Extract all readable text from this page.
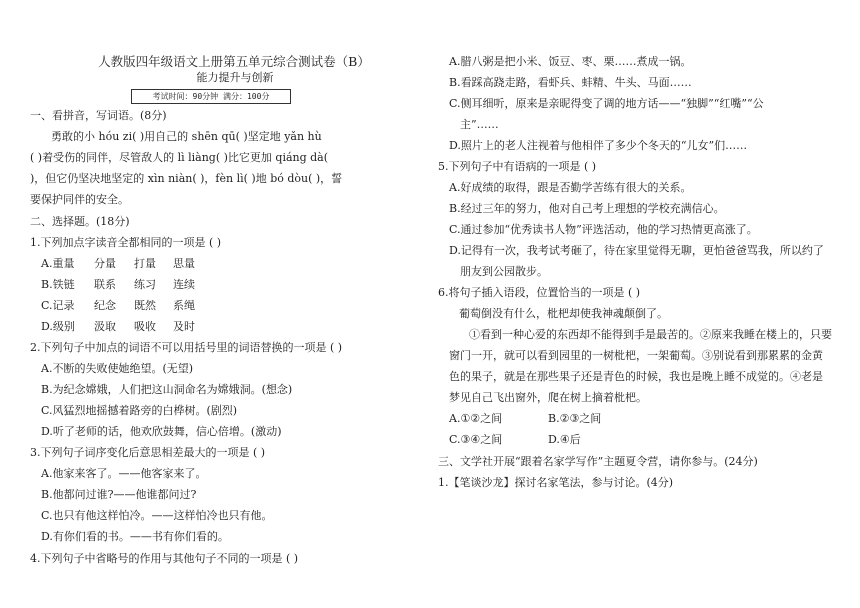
人教版四年级语文上册第五单元综合测试卷（B）
能力提升与创新
考试时间：90分钟 满分：100分
一、看拼音，写词语。(8分)
勇敢的小 hóu zi( )用自己的 shēn qū( )坚定地 yǎn hù
( )着受伤的同伴，尽管敌人的 lì liàng( )比它更加 qiáng dà(
)，但它仍坚决地坚定的 xìn niàn( )，fèn lì( )地 bó dòu( )，誓
要保护同伴的安全。
二、选择题。(18分)
1.下列加点字读音全都相同的一项是 ( )
A.重量 分量 打量 思量
B.铁链 联系 练习 连续
C.记录 纪念 既然 系绳
D.级别 汲取 吸收 及时
2.下列句子中加点的词语不可以用括号里的词语替换的一项是 ( )
A.不断的失败使她绝望。(无望)
B.为纪念嫦娥，人们把这山洞命名为嫦娥洞。(想念)
C.风猛烈地摇撼着路旁的白桦树。(剧烈)
D.听了老师的话，他欢欣鼓舞，信心倍增。(激动)
3.下列句子词序变化后意思相差最大的一项是 ( )
A.他家来客了。——他客家来了。
B.他都问过谁?——他谁都问过?
C.也只有他这样怕冷。——这样怕冷也只有他。
D.有你们看的书。——书有你们看的。
4.下列句子中省略号的作用与其他句子不同的一项是 ( )
A.腊八粥是把小米、饭豆、枣、栗……煮成一锅。
B.看踩高跷走路，看虾兵、蚌精、牛头、马面……
C.侧耳细听，原来是亲昵得变了调的地方话——“独脚”“红嘴”“公
主”……
D.照片上的老人注视着与他相伴了多少个冬天的“儿女”们……
5.下列句子中有语病的一项是 ( )
A.好成绩的取得，跟是否勤学苦练有很大的关系。
B.经过三年的努力，他对自己考上理想的学校充满信心。
C.通过参加“优秀读书人物”评选活动，他的学习热情更高涨了。
D.记得有一次，我考试考砸了，待在家里觉得无聊，更怕爸爸骂我，所以约了
朋友到公园散步。
6.将句子插入语段，位置恰当的一项是 ( )
葡萄倒没有什么，枇杷却使我神魂颠倒了。
①看到一种心爱的东西却不能得到手是最苦的。②原来我睡在楼上的，只要
窗门一开，就可以看到园里的一树枇杷，一架葡萄。③别说看到那累累的金黄
色的果子，就是在那些果子还是青色的时候，我也是晚上睡不成觉的。④老是
梦见自己飞出窗外，爬在树上摘着枇杷。
A.①②之间	B.②③之间
C.③④之间	D.④后
三、文学社开展“跟着名家学写作”主题夏令营，请你参与。(24分)
1.【笔谈沙龙】探讨名家笔法，参与讨论。(4分)
